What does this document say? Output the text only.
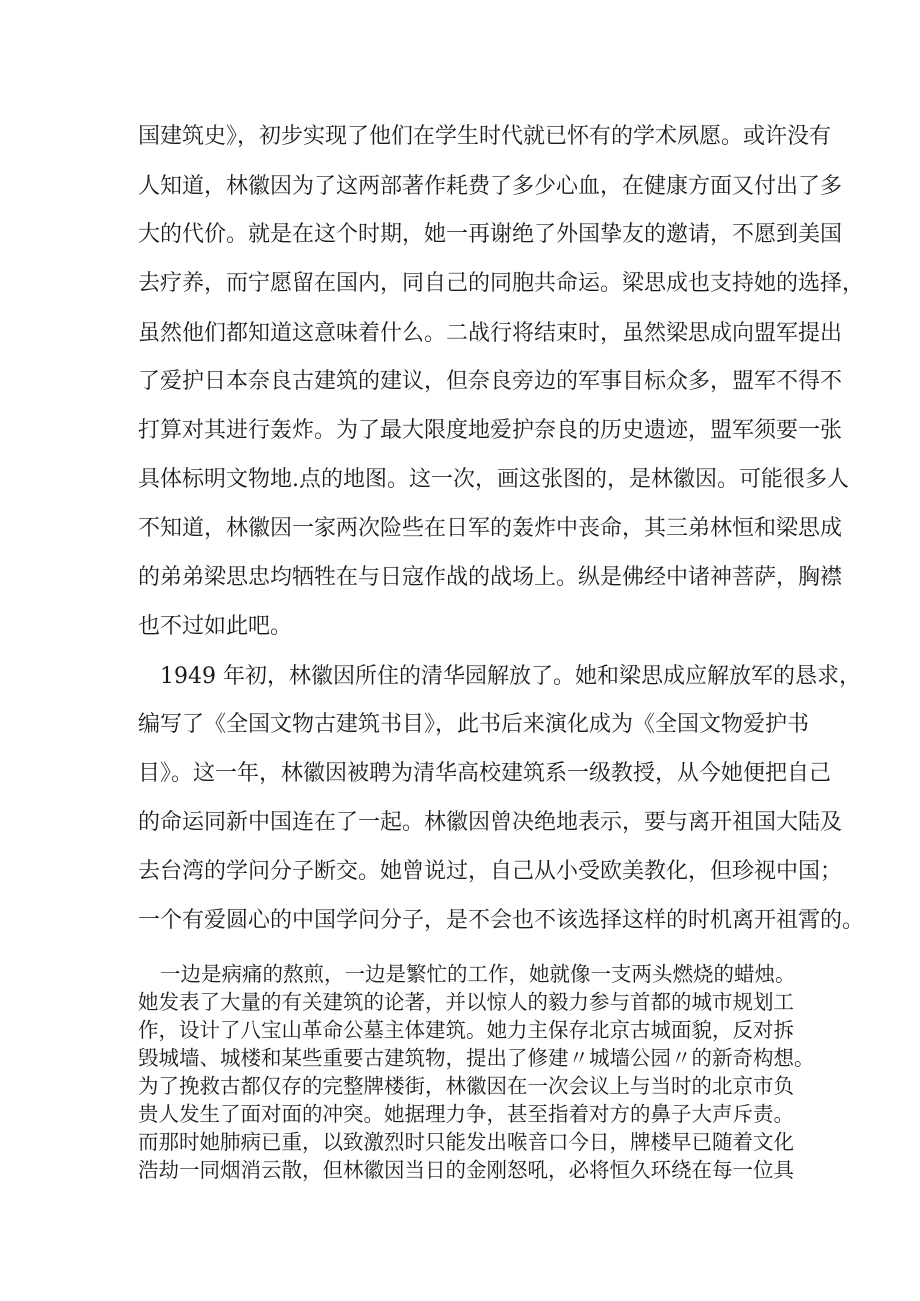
国建筑史》，初步实现了他们在学生时代就已怀有的学术夙愿。或许没有
人知道，林徽因为了这两部著作耗费了多少心血，在健康方面又付出了多
大的代价。就是在这个时期，她一再谢绝了外国挚友的邀请，不愿到美国
去疗养，而宁愿留在国内，同自己的同胞共命运。梁思成也支持她的选择，
虽然他们都知道这意味着什么。二战行将结束时，虽然梁思成向盟军提出
了爱护日本奈良古建筑的建议，但奈良旁边的军事目标众多，盟军不得不
打算对其进行轰炸。为了最大限度地爱护奈良的历史遗迹，盟军须要一张
具体标明文物地.点的地图。这一次，画这张图的，是林徽因。可能很多人
不知道，林徽因一家两次险些在日军的轰炸中丧命，其三弟林恒和梁思成
的弟弟梁思忠均牺牲在与日寇作战的战场上。纵是佛经中诸神菩萨，胸襟
也不过如此吧。
1949 年初，林徽因所住的清华园解放了。她和梁思成应解放军的恳求，
编写了《全国文物古建筑书目》，此书后来演化成为《全国文物爱护书
目》。这一年，林徽因被聘为清华高校建筑系一级教授，从今她便把自己
的命运同新中国连在了一起。林徽因曾决绝地表示，要与离开祖国大陆及
去台湾的学问分子断交。她曾说过，自己从小受欧美教化，但珍视中国；
一个有爱圆心的中国学问分子，是不会也不该选择这样的时机离开祖霄的。
一边是病痛的熬煎，一边是繁忙的工作，她就像一支两头燃烧的蜡烛。
她发表了大量的有关建筑的论著，并以惊人的毅力参与首都的城市规划工
作，设计了八宝山革命公墓主体建筑。她力主保存北京古城面貌，反对拆
毁城墙、城楼和某些重要古建筑物，提出了修建〃城墙公园〃的新奇构想。
为了挽救古都仅存的完整牌楼街，林徽因在一次会议上与当时的北京市负
贵人发生了面对面的冲突。她据理力争，甚至指着对方的鼻子大声斥责。
而那时她肺病已重，以致激烈时只能发出喉音口今日，牌楼早已随着文化
浩劫一同烟消云散，但林徽因当日的金刚怒吼，必将恒久环绕在每一位具
